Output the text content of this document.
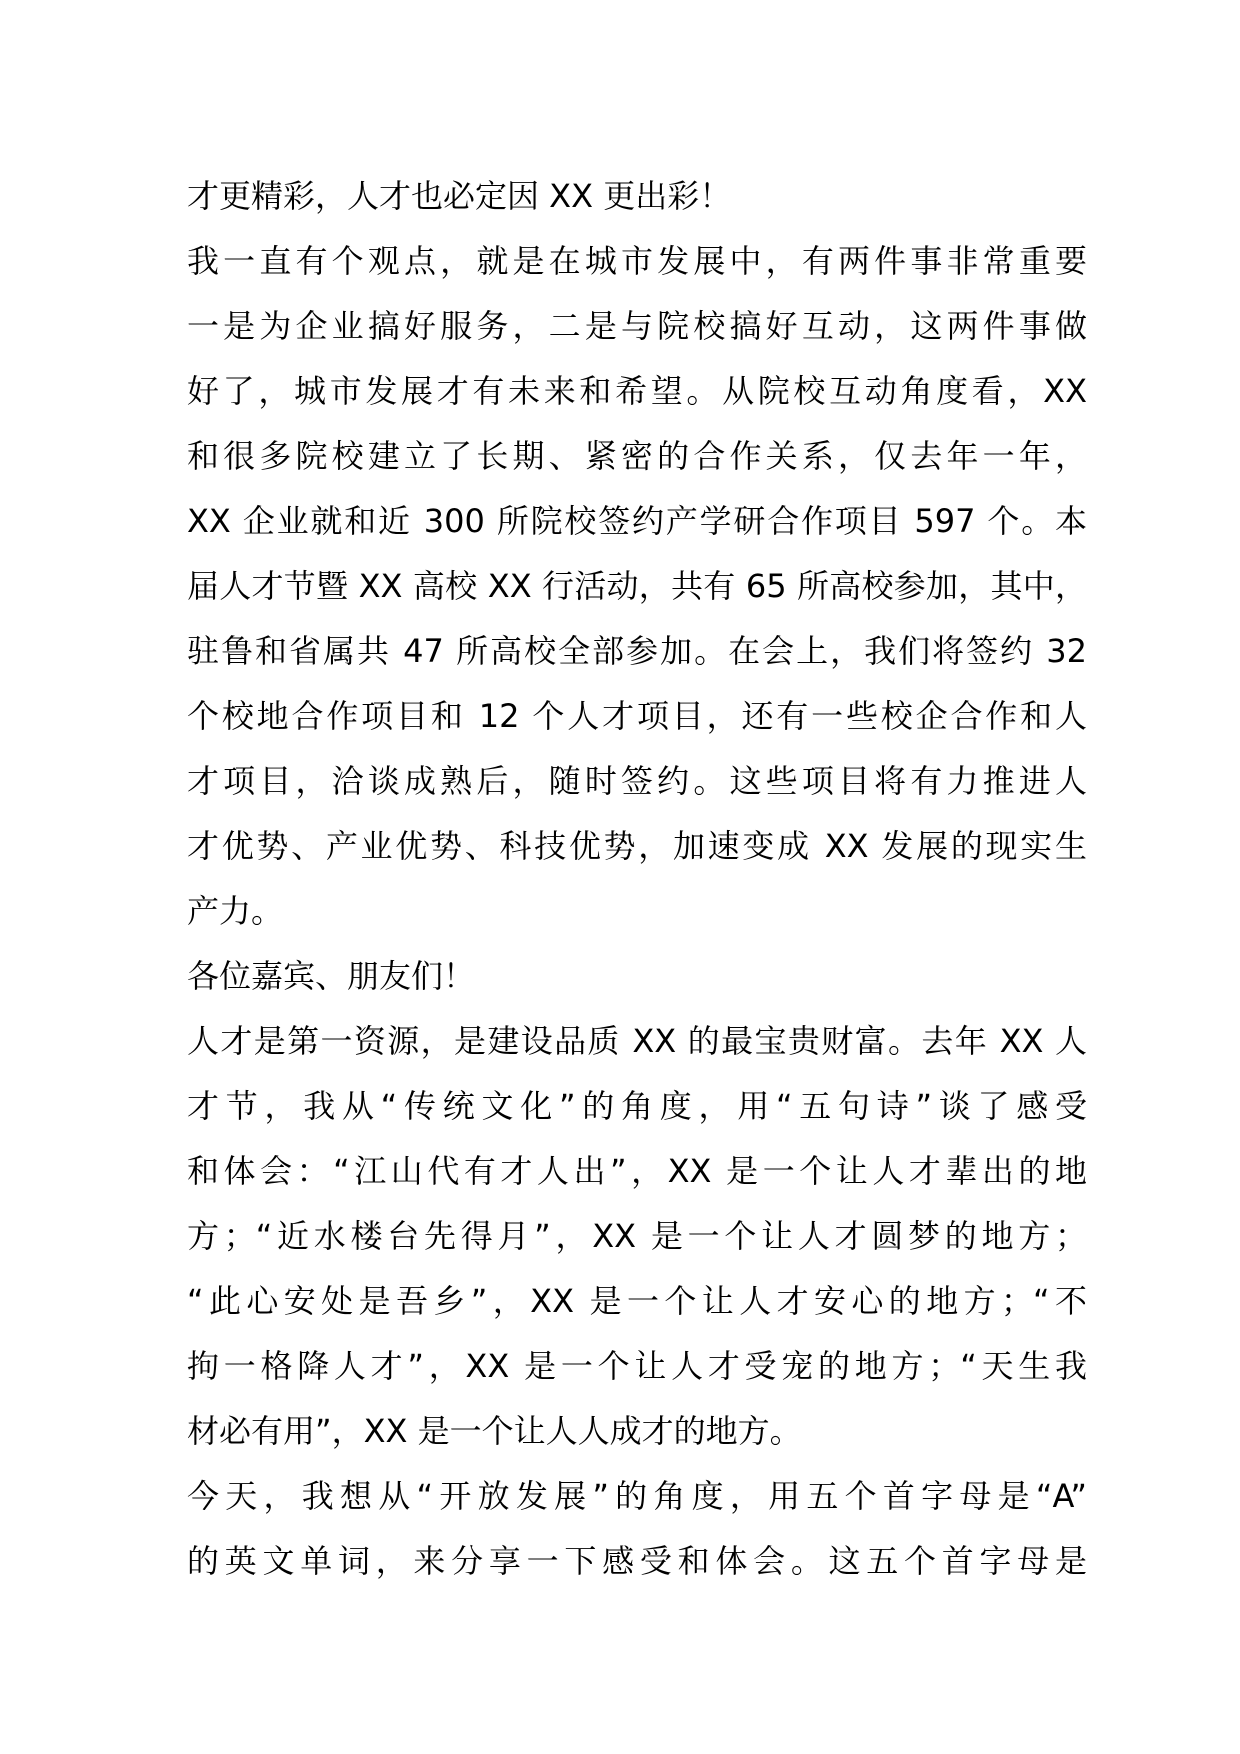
才更精彩，人才也必定因 XX 更出彩！
我一直有个观点，就是在城市发展中，有两件事非常重要
一是为企业搞好服务，二是与院校搞好互动，这两件事做
好了，城市发展才有未来和希望。从院校互动角度看，XX
和很多院校建立了长期、紧密的合作关系，仅去年一年，
XX 企业就和近 300 所院校签约产学研合作项目 597 个。本
届人才节暨 XX 高校 XX 行活动，共有 65 所高校参加，其中，
驻鲁和省属共 47 所高校全部参加。在会上，我们将签约 32
个校地合作项目和 12 个人才项目，还有一些校企合作和人
才项目，洽谈成熟后，随时签约。这些项目将有力推进人
才优势、产业优势、科技优势，加速变成 XX 发展的现实生
产力。
各位嘉宾、朋友们！
人才是第一资源，是建设品质 XX 的最宝贵财富。去年 XX 人
才节，我从“传统文化”的角度，用“五句诗”谈了感受
和体会：“江山代有才人出”，XX 是一个让人才辈出的地
方；“近水楼台先得月”，XX 是一个让人才圆梦的地方；
“此心安处是吾乡”，XX 是一个让人才安心的地方；“不
拘一格降人才”，XX 是一个让人才受宠的地方；“天生我
材必有用”，XX 是一个让人人成才的地方。
今天，我想从“开放发展”的角度，用五个首字母是“A”
的英文单词，来分享一下感受和体会。这五个首字母是
